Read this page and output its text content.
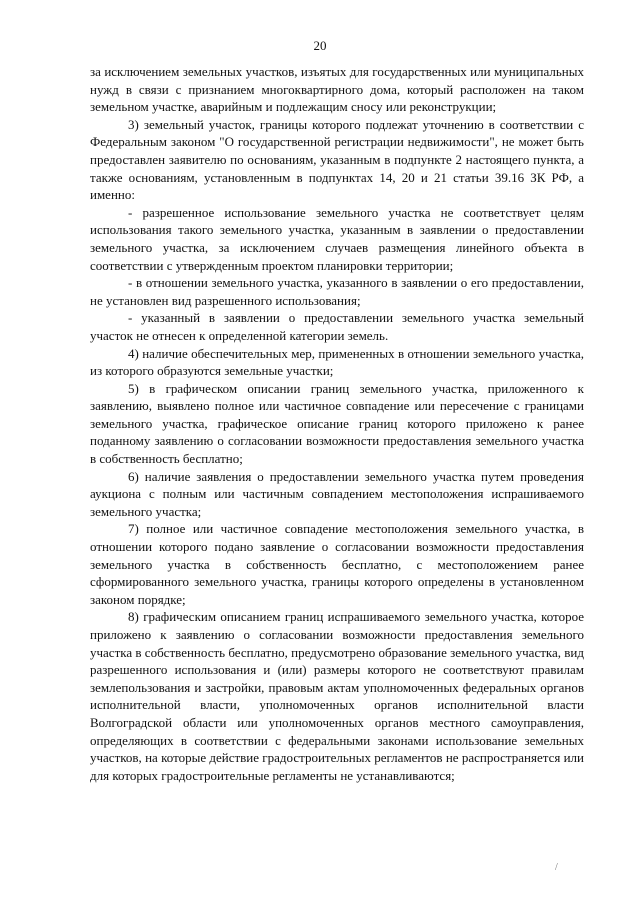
20

за исключением земельных участков, изъятых для государственных или муниципальных нужд в связи с признанием многоквартирного дома, который расположен на таком земельном участке, аварийным и подлежащим сносу или реконструкции;

3) земельный участок, границы которого подлежат уточнению в соответствии с Федеральным законом "О государственной регистрации недвижимости", не может быть предоставлен заявителю по основаниям, указанным в подпункте 2 настоящего пункта, а также основаниям, установленным в подпунктах 14, 20 и 21 статьи 39.16 ЗК РФ, а именно:

- разрешенное использование земельного участка не соответствует целям использования такого земельного участка, указанным в заявлении о предоставлении земельного участка, за исключением случаев размещения линейного объекта в соответствии с утвержденным проектом планировки территории;

- в отношении земельного участка, указанного в заявлении о его предоставлении, не установлен вид разрешенного использования;

- указанный в заявлении о предоставлении земельного участка земельный участок не отнесен к определенной категории земель.

4) наличие обеспечительных мер, примененных в отношении земельного участка, из которого образуются земельные участки;

5) в графическом описании границ земельного участка, приложенного к заявлению, выявлено полное или частичное совпадение или пересечение с границами земельного участка, графическое описание границ которого приложено к ранее поданному заявлению о согласовании возможности предоставления земельного участка в собственность бесплатно;

6) наличие заявления о предоставлении земельного участка путем проведения аукциона с полным или частичным совпадением местоположения испрашиваемого земельного участка;

7) полное или частичное совпадение местоположения земельного участка, в отношении которого подано заявление о согласовании возможности предоставления земельного участка в собственность бесплатно, с местоположением ранее сформированного земельного участка, границы которого определены в установленном законом порядке;

8) графическим описанием границ испрашиваемого земельного участка, которое приложено к заявлению о согласовании возможности предоставления земельного участка в собственность бесплатно, предусмотрено образование земельного участка, вид разрешенного использования и (или) размеры которого не соответствуют правилам землепользования и застройки, правовым актам уполномоченных федеральных органов исполнительной власти, уполномоченных органов исполнительной власти Волгоградской области или уполномоченных органов местного самоуправления, определяющих в соответствии с федеральными законами использование земельных участков, на которые действие градостроительных регламентов не распространяется или для которых градостроительные регламенты не устанавливаются;

/
